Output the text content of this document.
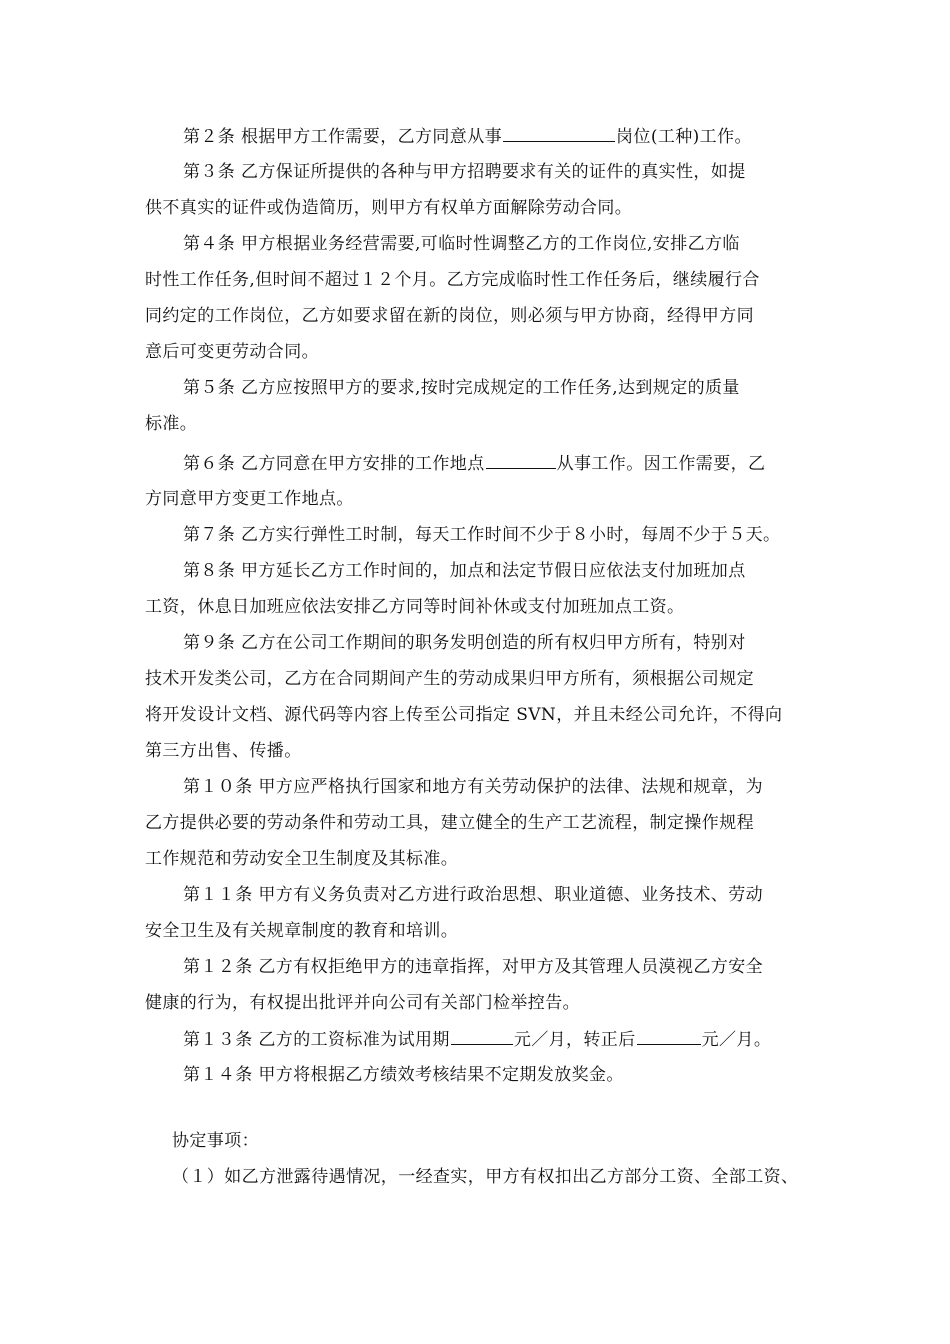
第２条 根据甲方工作需要，乙方同意从事	岗位(工种)工作。
第３条 乙方保证所提供的各种与甲方招聘要求有关的证件的真实性，如提
供不真实的证件或伪造简历，则甲方有权单方面解除劳动合同。
第４条 甲方根据业务经营需要,可临时性调整乙方的工作岗位,安排乙方临
时性工作任务,但时间不超过１２个月。乙方完成临时性工作任务后，继续履行合
同约定的工作岗位，乙方如要求留在新的岗位，则必须与甲方协商，经得甲方同
意后可变更劳动合同。
第５条 乙方应按照甲方的要求,按时完成规定的工作任务,达到规定的质量
标准。
第６条 乙方同意在甲方安排的工作地点	从事工作。因工作需要，乙
方同意甲方变更工作地点。
第７条 乙方实行弹性工时制，每天工作时间不少于８小时，每周不少于５天。
第８条 甲方延长乙方工作时间的，加点和法定节假日应依法支付加班加点
工资，休息日加班应依法安排乙方同等时间补休或支付加班加点工资。
第９条 乙方在公司工作期间的职务发明创造的所有权归甲方所有，特别对
技术开发类公司，乙方在合同期间产生的劳动成果归甲方所有，须根据公司规定
将开发设计文档、源代码等内容上传至公司指定 SVN，并且未经公司允许，不得向
第三方出售、传播。
第１０条 甲方应严格执行国家和地方有关劳动保护的法律、法规和规章，为
乙方提供必要的劳动条件和劳动工具，建立健全的生产工艺流程，制定操作规程
工作规范和劳动安全卫生制度及其标准。
第１１条 甲方有义务负责对乙方进行政治思想、职业道德、业务技术、劳动
安全卫生及有关规章制度的教育和培训。
第１２条 乙方有权拒绝甲方的违章指挥，对甲方及其管理人员漠视乙方安全
健康的行为，有权提出批评并向公司有关部门检举控告。
第１３条 乙方的工资标准为试用期	元／月，转正后	元／月。
第１４条 甲方将根据乙方绩效考核结果不定期发放奖金。
协定事项：
（１）如乙方泄露待遇情况，一经查实，甲方有权扣出乙方部分工资、全部工资、
